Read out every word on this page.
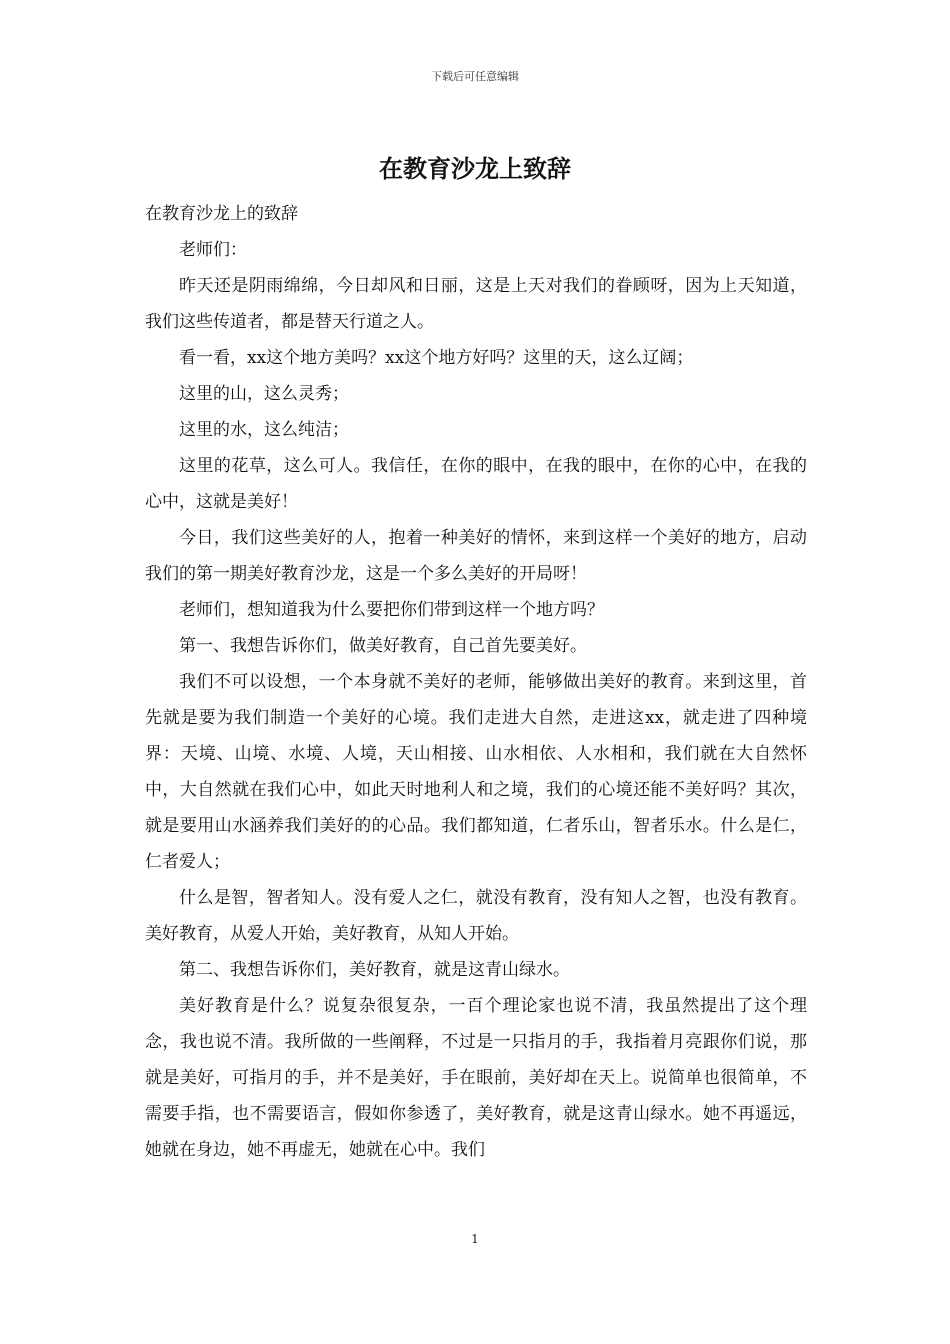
下载后可任意编辑
在教育沙龙上致辞

在教育沙龙上的致辞

老师们：

昨天还是阴雨绵绵，今日却风和日丽，这是上天对我们的眷顾呀，因为上天知道，我们这些传道者，都是替天行道之人。

看一看，xx这个地方美吗？xx这个地方好吗？这里的天，这么辽阔；

这里的山，这么灵秀；

这里的水，这么纯洁；

这里的花草，这么可人。我信任，在你的眼中，在我的眼中，在你的心中，在我的心中，这就是美好！

今日，我们这些美好的人，抱着一种美好的情怀，来到这样一个美好的地方，启动我们的第一期美好教育沙龙，这是一个多么美好的开局呀！

老师们，想知道我为什么要把你们带到这样一个地方吗？

第一、我想告诉你们，做美好教育，自己首先要美好。

我们不可以设想，一个本身就不美好的老师，能够做出美好的教育。来到这里，首先就是要为我们制造一个美好的心境。我们走进大自然，走进这xx，就走进了四种境界：天境、山境、水境、人境，天山相接、山水相依、人水相和，我们就在大自然怀中，大自然就在我们心中，如此天时地利人和之境，我们的心境还能不美好吗？其次，就是要用山水涵养我们美好的的心品。我们都知道，仁者乐山，智者乐水。什么是仁，仁者爱人；

什么是智，智者知人。没有爱人之仁，就没有教育，没有知人之智，也没有教育。美好教育，从爱人开始，美好教育，从知人开始。

第二、我想告诉你们，美好教育，就是这青山绿水。

美好教育是什么？说复杂很复杂，一百个理论家也说不清，我虽然提出了这个理念，我也说不清。我所做的一些阐释，不过是一只指月的手，我指着月亮跟你们说，那就是美好，可指月的手，并不是美好，手在眼前，美好却在天上。说简单也很简单，不需要手指，也不需要语言，假如你参透了，美好教育，就是这青山绿水。她不再遥远，她就在身边，她不再虚无，她就在心中。我们

1
